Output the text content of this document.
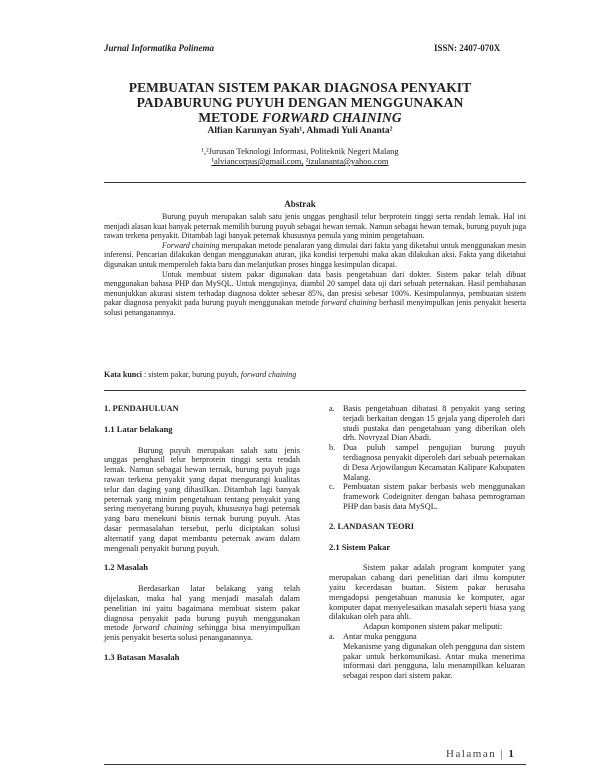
Jurnal Informatika Polinema	ISSN: 2407-070X
PEMBUATAN SISTEM PAKAR DIAGNOSA PENYAKIT
PADABURUNG PUYUH DENGAN MENGGUNAKAN
METODE FORWARD CHAINING
Alfian Karunyan Syah¹, Ahmadi Yuli Ananta²
¹,²Jurusan Teknologi Informasi, Politeknik Negeri Malang
¹alviancorpus@gmail.com, ²izulananta@yahoo.com
Abstrak

Burung puyuh merupakan salah satu jenis unggas penghasil telur berprotein tinggi serta rendah lemak. Hal ini menjadi alasan kuat banyak peternak memilih burung puyuh sebagai hewan ternak. Namun sebagai hewan ternak, burung puyuh juga rawan terkena penyakit. Ditambah lagi banyak peternak khususnya pemula yang minim pengetahuan.

Forward chaining merupakan metode penalaran yang dimulai dari fakta yang diketahui untuk menggunakan mesin inferensi. Pencarian dilakukan dengan menggunakan aturan, jika kondisi terpenuhi maka akan dilakukan aksi. Fakta yang diketahui digunakan untuk memperoleh fakta baru dan melanjutkan proses hingga kesimpulan dicapai.

Untuk membuat sistem pakar digunakan data basis pengetahuan dari dokter. Sistem pakar telah dibuat menggunakan bahasa PHP dan MySQL. Untuk mengujinya, diambil 20 sampel data uji dari sebuah peternakan. Hasil pembahasan menunjukkan akurasi sistem terhadap diagnosa dokter sebesar 85%, dan presisi sebesar 100%. Kesimpulannya, pembuatan sistem pakar diagnosa penyakit pada burung puyuh menggunakan metode forward chaining berhasil menyimpulkan jenis penyakit beserta solusi penanganannya.

Kata kunci : sistem pakar, burung puyuh, forward chaining
1. PENDAHULUAN
1.1 Latar belakang

Burung puyuh merupakan salah satu jenis unggas penghasil telur berprotein tinggi serta rendah lemak. Namun sebagai hewan ternak, burung puyuh juga rawan terkena penyakit yang dapat mengurangi kualitas telur dan daging yang dihasilkan. Ditambah lagi banyak peternak yang minim pengetahuan tentang penyakit yang sering menyerang burung puyuh, khususnya bagi peternak yang baru menekuni bisnis ternak burung puyuh. Atas dasar permasalahan tersebut, perlu diciptakan solusi alternatif yang dapat membantu peternak awam dalam mengenali penyakit burung puyuh.

1.2 Masalah

Berdasarkan latar belakang yang telah dijelaskan, maka hal yang menjadi masalah dalam penelitian ini yaitu bagaimana membuat sistem pakar diagnosa penyakit pada burung puyuh menggunakan metode forward chaining sehingga bisa menyimpulkan jenis penyakit beserta solusi penanganannya.

1.3 Batasan Masalah
a. Basis pengetahuan dibatasi 8 penyakit yang sering terjadi berkaitan dengan 15 gejala yang diperoleh dari studi pustaka dan pengetahuan yang diberikan oleh drh. Novryzal Dian Abadi.
b. Dua puluh sampel pengujian burung puyuh terdiagnosa penyakit diperoleh dari sebuah peternakan di Desa Arjowilangun Kecamatan Kalipare Kabupaten Malang.
c. Pembuatan sistem pakar berbasis web menggunakan framework Codeigniter dengan bahasa pemrograman PHP dan basis data MySQL.
2. LANDASAN TEORI
2.1 Sistem Pakar

Sistem pakar adalah program komputer yang merupakan cabang dari penelitian dari ilmu komputer yaitu kecerdasan buatan. Sistem pakar berusaha mengadopsi pengetahuan manusia ke komputer, agar komputer dapat menyelesaikan masalah seperti biasa yang dilakukan oleh para ahli.

Adapun komponen sistem pakar meliputi:

a. Antar muka pengguna
Mekanisme yang digunakan oleh pengguna dan sistem pakar untuk berkomunikasi. Antar muka menerima informasi dari pengguna, lalu menampilkan keluaran sebagai respon dari sistem pakar.
Halaman | 1
